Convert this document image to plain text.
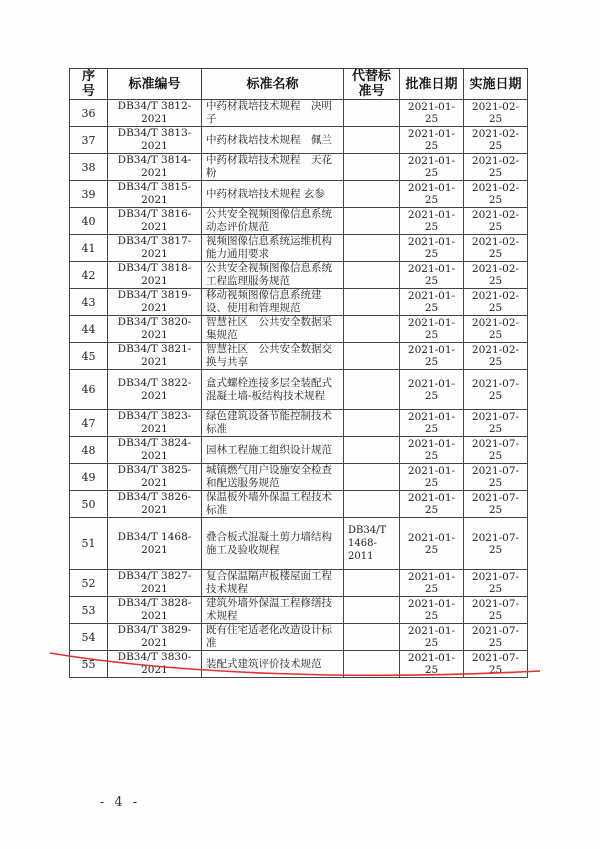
序号	标准编号	标准名称	代替标准号	批准日期	实施日期
36	DB34/T 3812-2021	中药材栽培技术规程　决明子		2021-01-25	2021-02-25
37	DB34/T 3813-2021	中药材栽培技术规程　佩兰		2021-01-25	2021-02-25
38	DB34/T 3814-2021	中药材栽培技术规程　天花粉		2021-01-25	2021-02-25
39	DB34/T 3815-2021	中药材栽培技术规程 玄参		2021-01-25	2021-02-25
40	DB34/T 3816-2021	公共安全视频图像信息系统动态评价规范		2021-01-25	2021-02-25
41	DB34/T 3817-2021	视频图像信息系统运维机构能力通用要求		2021-01-25	2021-02-25
42	DB34/T 3818-2021	公共安全视频图像信息系统工程监理服务规范		2021-01-25	2021-02-25
43	DB34/T 3819-2021	移动视频图像信息系统建设、使用和管理规范		2021-01-25	2021-02-25
44	DB34/T 3820-2021	智慧社区　公共安全数据采集规范		2021-01-25	2021-02-25
45	DB34/T 3821-2021	智慧社区　公共安全数据交换与共享		2021-01-25	2021-02-25
46	DB34/T 3822-2021	盒式螺栓连接多层全装配式混凝土墙-板结构技术规程		2021-01-25	2021-07-25
47	DB34/T 3823-2021	绿色建筑设备节能控制技术标准		2021-01-25	2021-07-25
48	DB34/T 3824-2021	园林工程施工组织设计规范		2021-01-25	2021-07-25
49	DB34/T 3825-2021	城镇燃气用户设施安全检查和配送服务规范		2021-01-25	2021-07-25
50	DB34/T 3826-2021	保温板外墙外保温工程技术标准		2021-01-25	2021-07-25
51	DB34/T 1468-2021	叠合板式混凝土剪力墙结构施工及验收规程	DB34/T 1468-2011	2021-01-25	2021-07-25
52	DB34/T 3827-2021	复合保温隔声板楼屋面工程技术规程		2021-01-25	2021-07-25
53	DB34/T 3828-2021	建筑外墙外保温工程修缮技术规程		2021-01-25	2021-07-25
54	DB34/T 3829-2021	既有住宅适老化改造设计标准		2021-01-25	2021-07-25
55	DB34/T 3830-2021	装配式建筑评价技术规范		2021-01-25	2021-07-25
- 4 -
